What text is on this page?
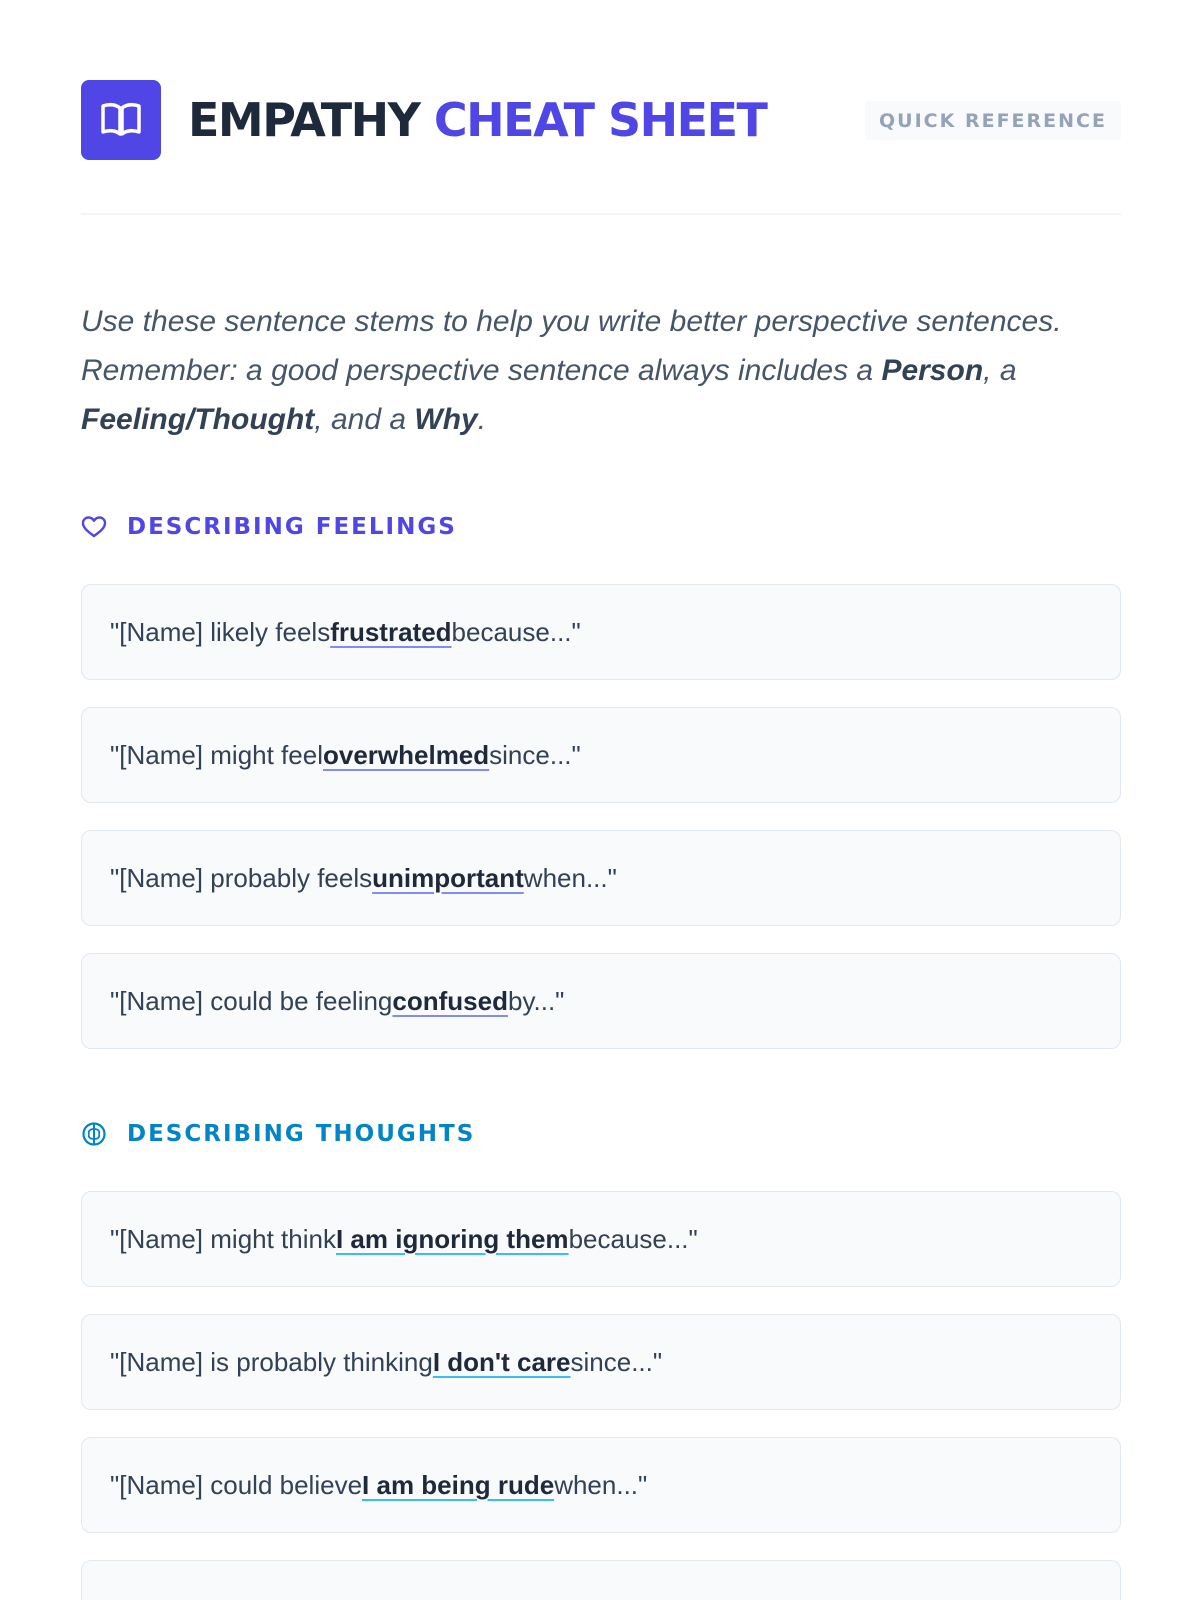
EMPATHY CHEAT SHEET	QUICK REFERENCE

Use these sentence stems to help you write better perspective sentences. Remember: a good perspective sentence always includes a Person, a Feeling/Thought, and a Why.

DESCRIBING FEELINGS
"[Name] likely feels frustrated because..."
"[Name] might feel overwhelmed since..."
"[Name] probably feels unimportant when..."
"[Name] could be feeling confused by..."
DESCRIBING THOUGHTS
"[Name] might think I am ignoring them because..."
"[Name] is probably thinking I don't care since..."
"[Name] could believe I am being rude when..."
